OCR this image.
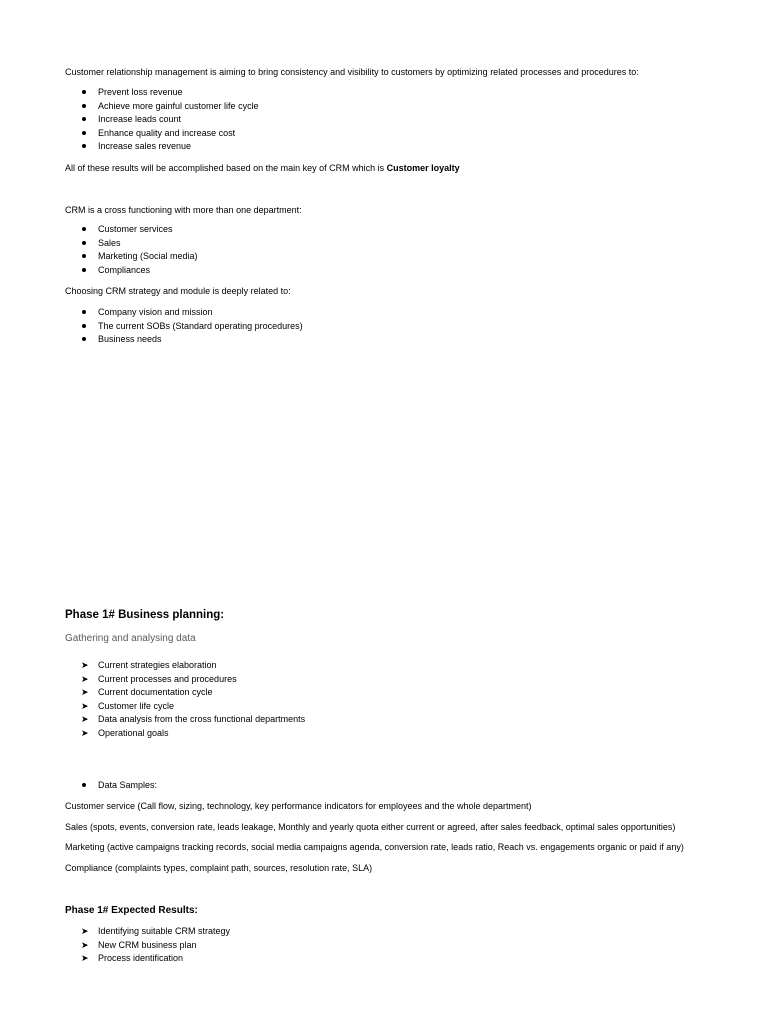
Customer relationship management is aiming to bring consistency and visibility to customers by optimizing related processes and procedures to:
Prevent loss revenue
Achieve more gainful customer life cycle
Increase leads count
Enhance quality and increase cost
Increase sales revenue
All of these results will be accomplished based on the main key of CRM which is Customer loyalty
CRM is a cross functioning with more than one department:
Customer services
Sales
Marketing (Social media)
Compliances
Choosing CRM strategy and module is deeply related to:
Company vision and mission
The current SOBs (Standard operating procedures)
Business needs
Phase 1# Business planning:
Gathering and analysing data
➤ Current strategies elaboration
➤ Current processes and procedures
➤ Current documentation cycle
➤ Customer life cycle
➤ Data analysis from the cross functional departments
➤ Operational goals
Data Samples:
Customer service (Call flow, sizing, technology, key performance indicators for employees and the whole department)
Sales (spots, events, conversion rate, leads leakage, Monthly and yearly quota either current or agreed, after sales feedback, optimal sales opportunities)
Marketing (active campaigns tracking records, social media campaigns agenda, conversion rate, leads ratio, Reach vs. engagements organic or paid if any)
Compliance (complaints types, complaint path, sources, resolution rate, SLA)
Phase 1# Expected Results:
➤ Identifying suitable CRM strategy
➤ New CRM business plan
➤ Process identification
